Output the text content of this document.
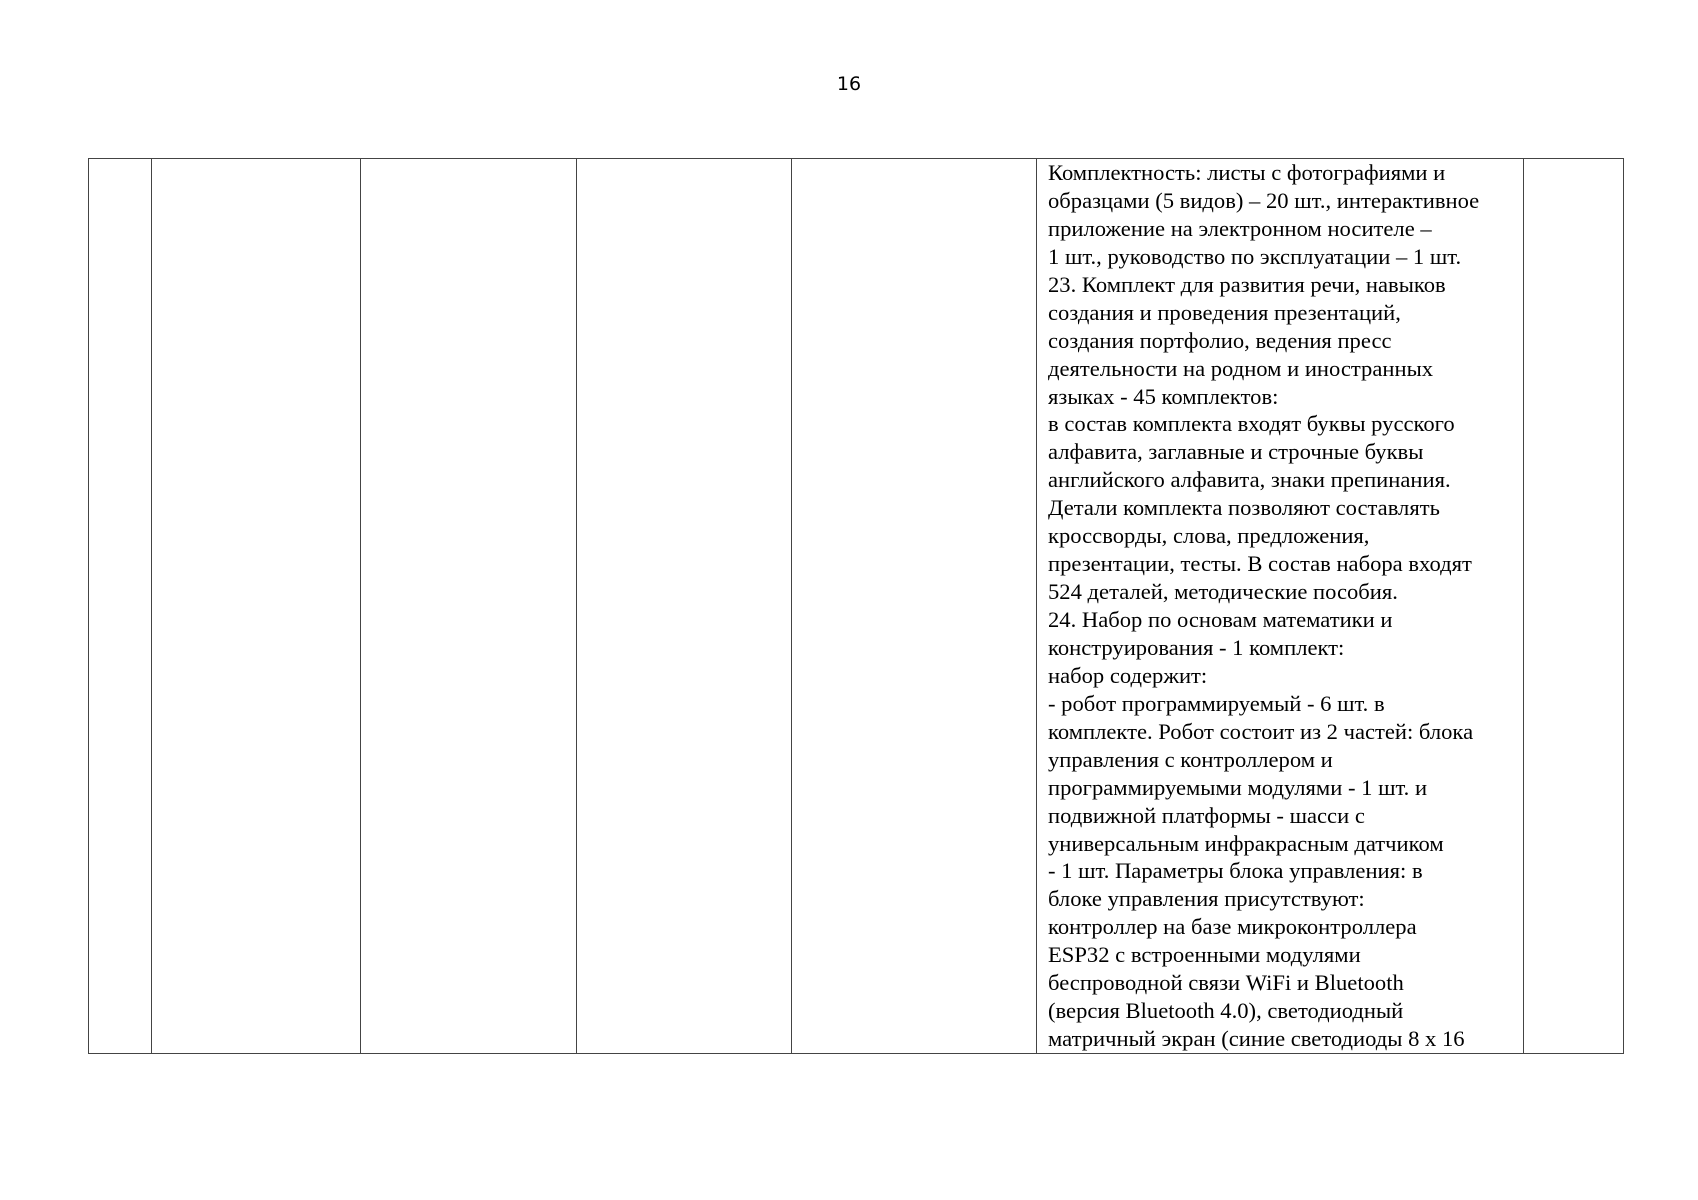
16

Комплектность: листы с фотографиями и
образцами (5 видов) – 20 шт., интерактивное
приложение на электронном носителе –
1 шт., руководство по эксплуатации – 1 шт.
23. Комплект для развития речи, навыков
создания и проведения презентаций,
создания портфолио, ведения пресс
деятельности на родном и иностранных
языках - 45 комплектов:
в состав комплекта входят буквы русского
алфавита, заглавные и строчные буквы
английского алфавита, знаки препинания.
Детали комплекта позволяют составлять
кроссворды, слова, предложения,
презентации, тесты. В состав набора входят
524 деталей, методические пособия.
24. Набор по основам математики и
конструирования - 1 комплект:
набор содержит:
- робот программируемый - 6 шт. в
комплекте. Робот состоит из 2 частей: блока
управления с контроллером и
программируемыми модулями - 1 шт. и
подвижной платформы - шасси с
универсальным инфракрасным датчиком
- 1 шт. Параметры блока управления: в
блоке управления присутствуют:
контроллер на базе микроконтроллера
ESP32 с встроенными модулями
беспроводной связи WiFi и Bluetooth
(версия Bluetooth 4.0), светодиодный
матричный экран (синие светодиоды 8 х 16
